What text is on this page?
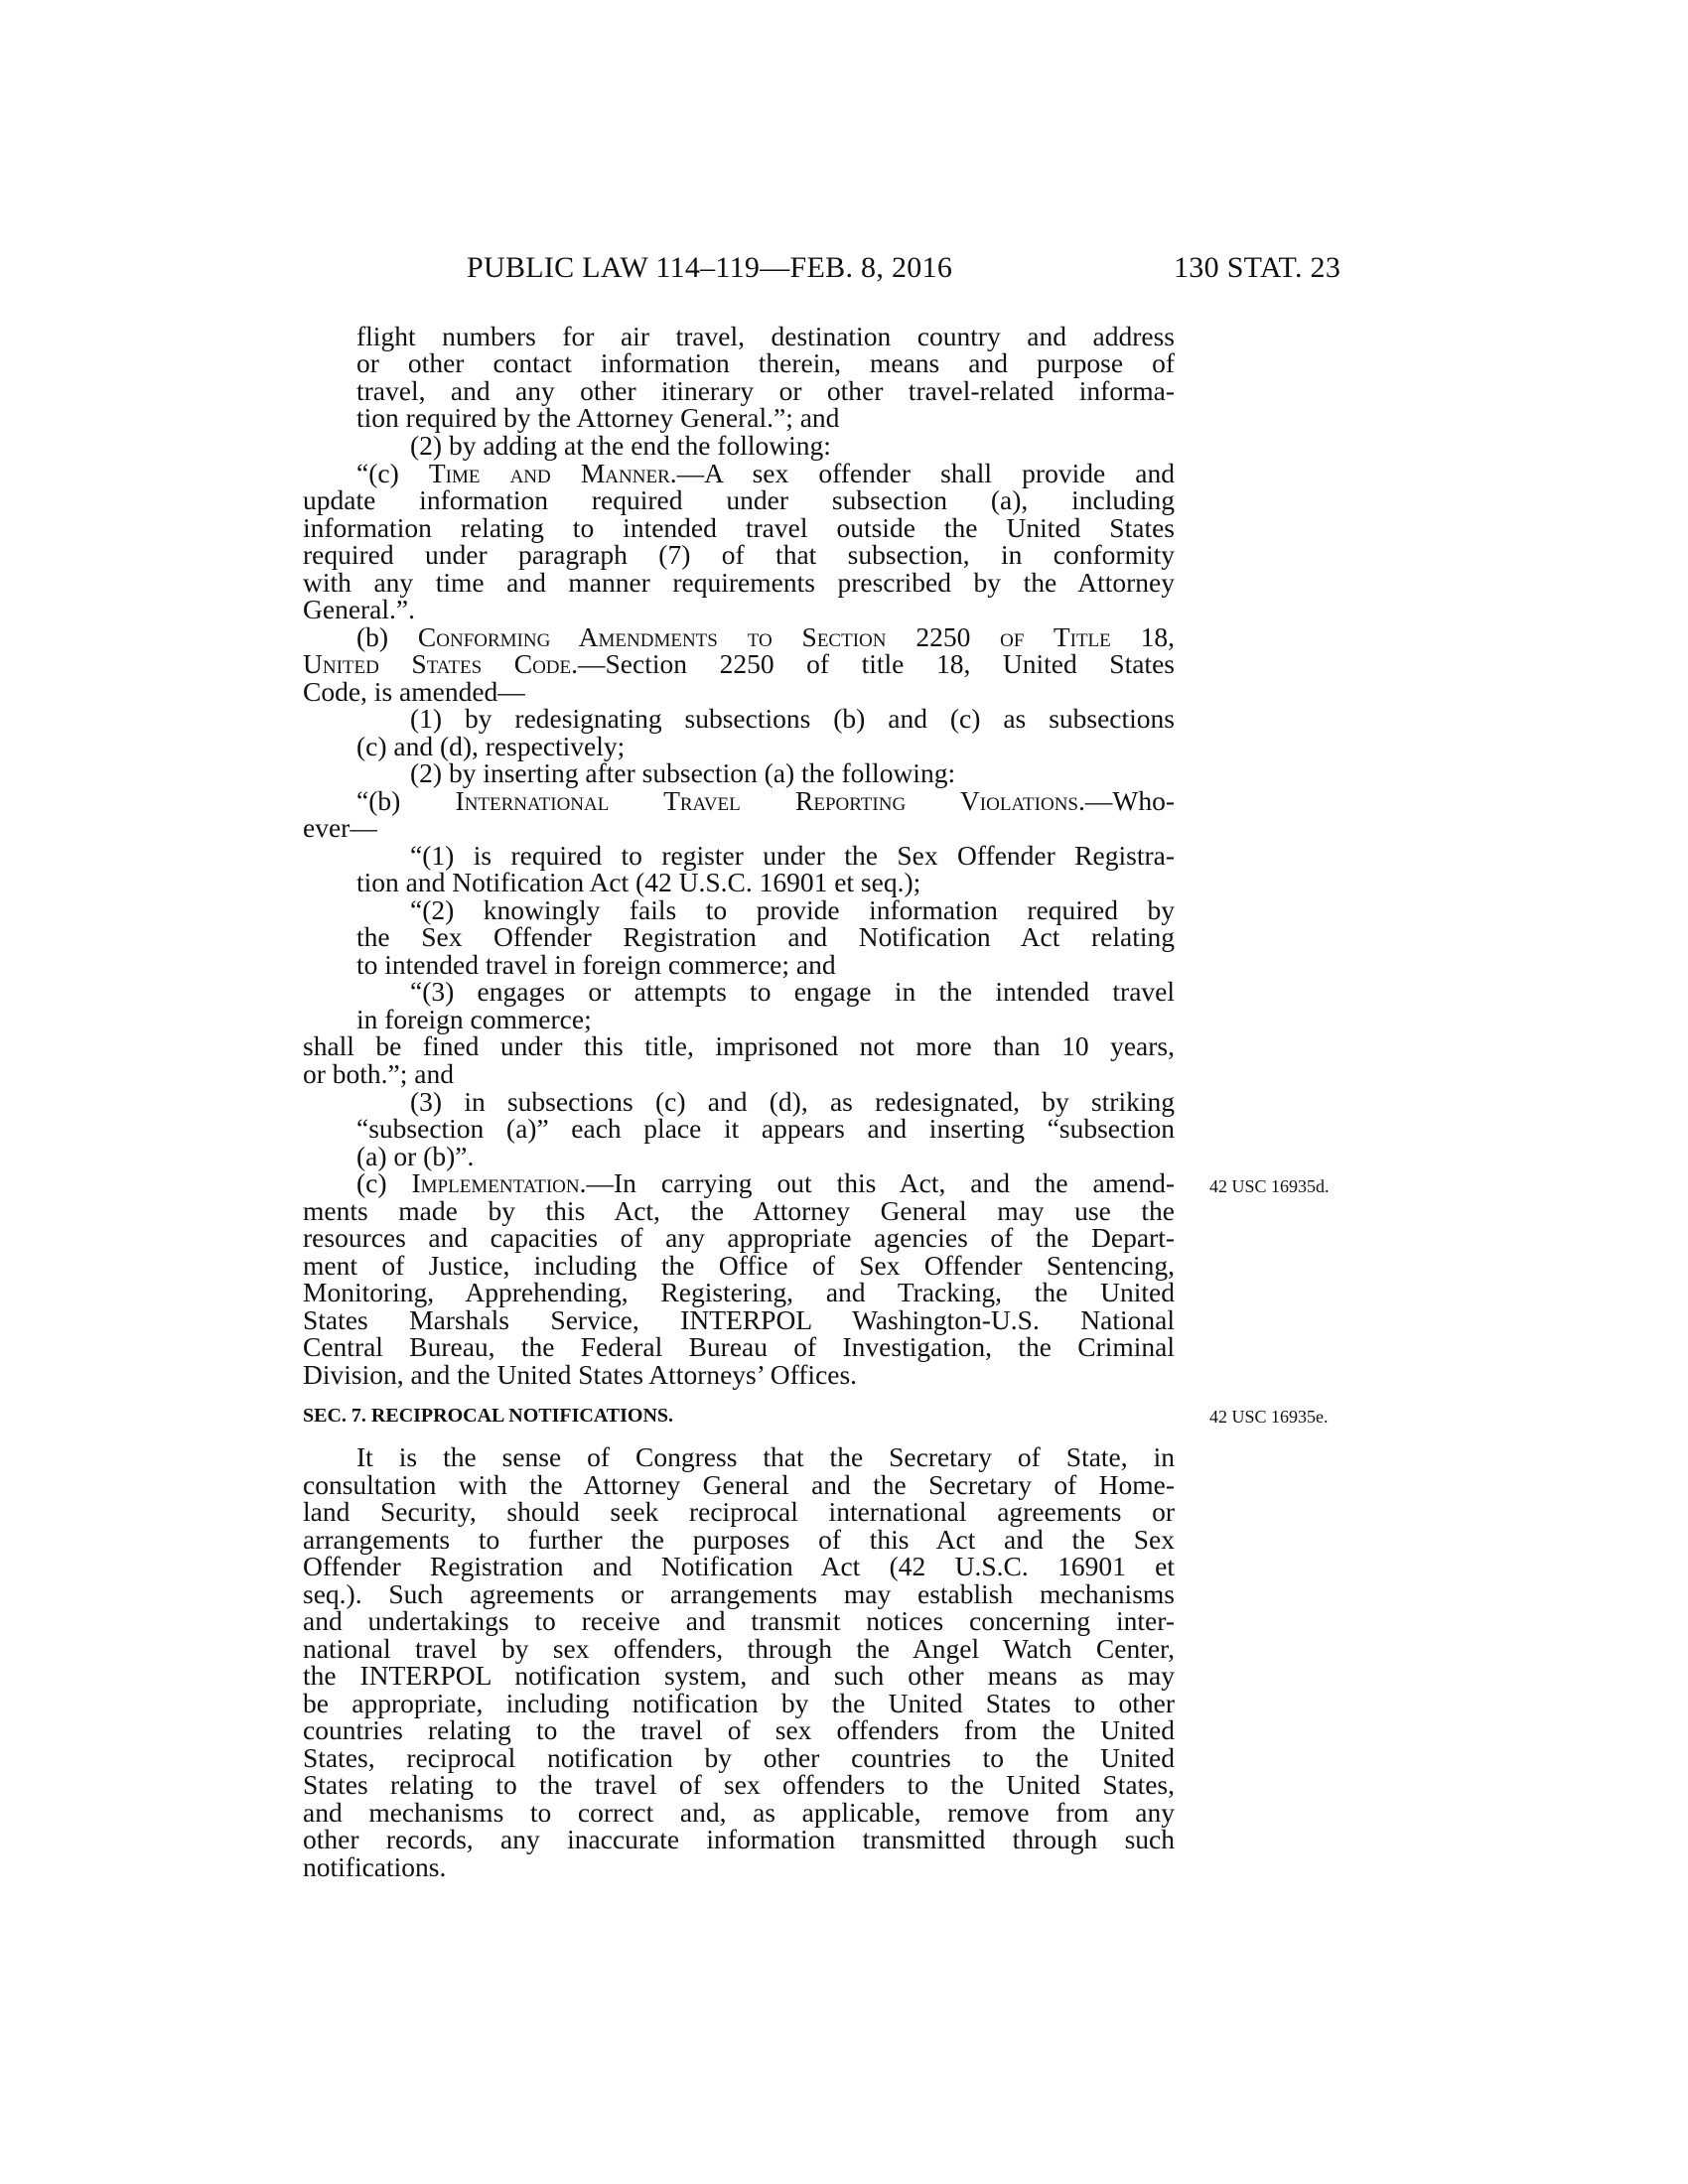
PUBLIC LAW 114–119—FEB. 8, 2016	130 STAT. 23
flight numbers for air travel, destination country and address
or other contact information therein, means and purpose of
travel, and any other itinerary or other travel-related informa-
tion required by the Attorney General.”; and
(2) by adding at the end the following:
“(c) Time and Manner.—A sex offender shall provide and
update information required under subsection (a), including
information relating to intended travel outside the United States
required under paragraph (7) of that subsection, in conformity
with any time and manner requirements prescribed by the Attorney
General.”.
(b) Conforming Amendments to Section 2250 of Title 18,
United States Code.—Section 2250 of title 18, United States
Code, is amended—
(1) by redesignating subsections (b) and (c) as subsections
(c) and (d), respectively;
(2) by inserting after subsection (a) the following:
“(b) International Travel Reporting Violations.—Who-
ever—
“(1) is required to register under the Sex Offender Registra-
tion and Notification Act (42 U.S.C. 16901 et seq.);
“(2) knowingly fails to provide information required by
the Sex Offender Registration and Notification Act relating
to intended travel in foreign commerce; and
“(3) engages or attempts to engage in the intended travel
in foreign commerce;
shall be fined under this title, imprisoned not more than 10 years,
or both.”; and
(3) in subsections (c) and (d), as redesignated, by striking
“subsection (a)” each place it appears and inserting “subsection
(a) or (b)”.
(c) Implementation.—In carrying out this Act, and the amend-
ments made by this Act, the Attorney General may use the
resources and capacities of any appropriate agencies of the Depart-
ment of Justice, including the Office of Sex Offender Sentencing,
Monitoring, Apprehending, Registering, and Tracking, the United
States Marshals Service, INTERPOL Washington-U.S. National
Central Bureau, the Federal Bureau of Investigation, the Criminal
Division, and the United States Attorneys’ Offices.
42 USC 16935d.
SEC. 7. RECIPROCAL NOTIFICATIONS.	42 USC 16935e.
It is the sense of Congress that the Secretary of State, in
consultation with the Attorney General and the Secretary of Home-
land Security, should seek reciprocal international agreements or
arrangements to further the purposes of this Act and the Sex
Offender Registration and Notification Act (42 U.S.C. 16901 et
seq.). Such agreements or arrangements may establish mechanisms
and undertakings to receive and transmit notices concerning inter-
national travel by sex offenders, through the Angel Watch Center,
the INTERPOL notification system, and such other means as may
be appropriate, including notification by the United States to other
countries relating to the travel of sex offenders from the United
States, reciprocal notification by other countries to the United
States relating to the travel of sex offenders to the United States,
and mechanisms to correct and, as applicable, remove from any
other records, any inaccurate information transmitted through such
notifications.
